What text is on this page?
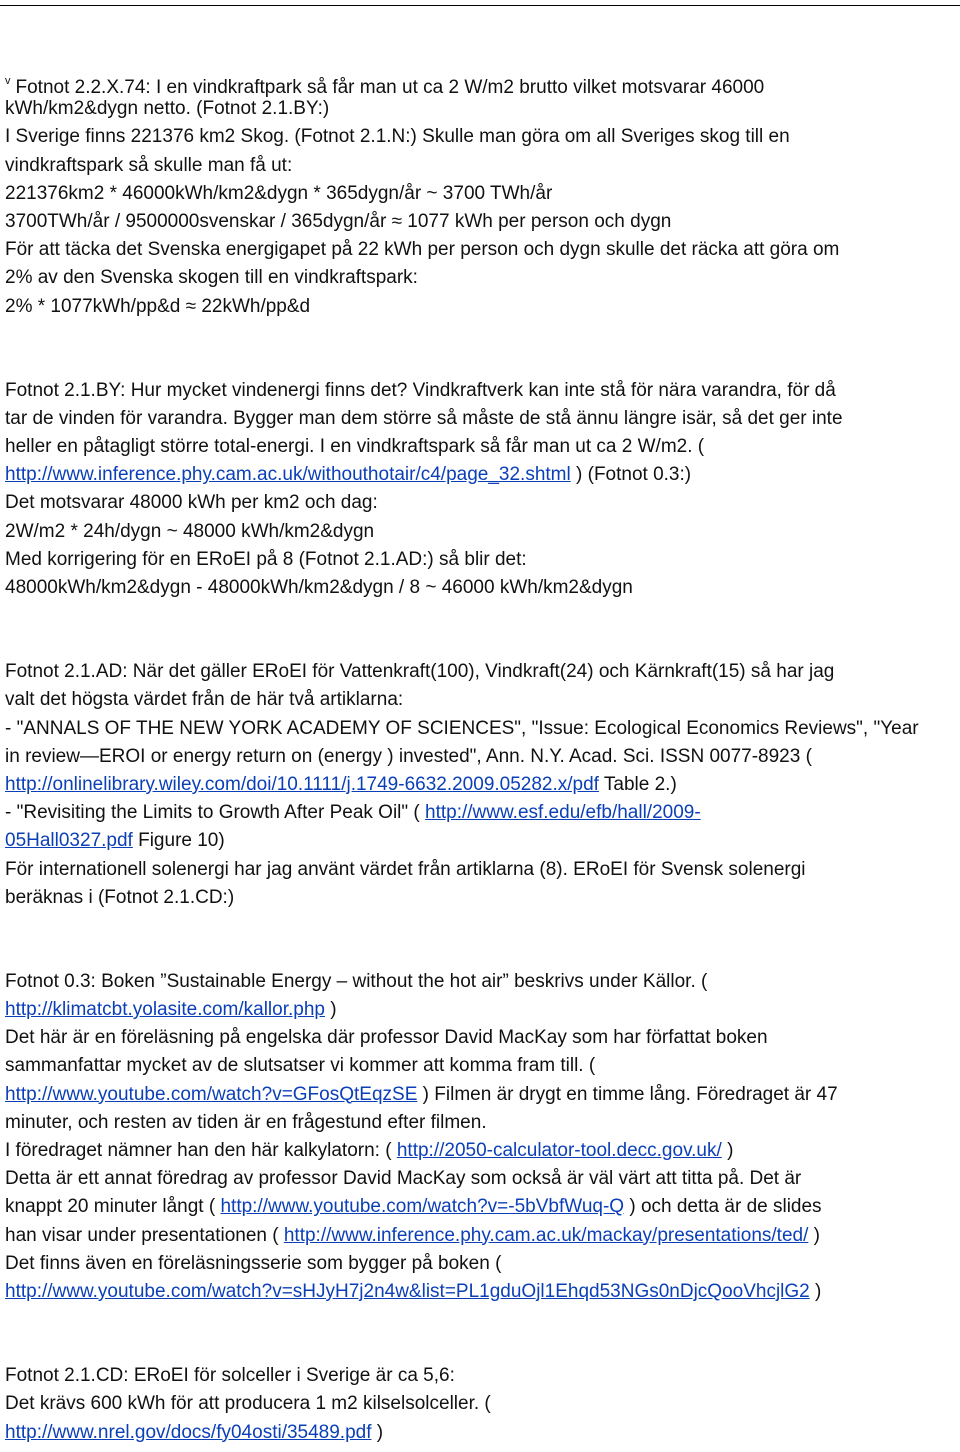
$^v$ Fotnot 2.2.X.74: I en vindkraftpark så får man ut ca 2 W/m2 brutto vilket motsvarar 46000
kWh/km2&dygn netto. (Fotnot 2.1.BY:)
I Sverige finns 221376 km2 Skog. (Fotnot 2.1.N:) Skulle man göra om all Sveriges skog till en
vindkraftspark så skulle man få ut:
221376km2 * 46000kWh/km2&dygn * 365dygn/år ~ 3700 TWh/år
3700TWh/år / 9500000svenskar / 365dygn/år ≈ 1077 kWh per person och dygn
För att täcka det Svenska energigapet på 22 kWh per person och dygn skulle det räcka att göra om
2% av den Svenska skogen till en vindkraftspark:
2% * 1077kWh/pp&d ≈ 22kWh/pp&d
Fotnot 2.1.BY: Hur mycket vindenergi finns det? Vindkraftverk kan inte stå för nära varandra, för då
tar de vinden för varandra. Bygger man dem större så måste de stå ännu längre isär, så det ger inte
heller en påtagligt större total-energi. I en vindkraftspark så får man ut ca 2 W/m2. (
http://www.inference.phy.cam.ac.uk/withouthotair/c4/page_32.shtml ) (Fotnot 0.3:)
Det motsvarar 48000 kWh per km2 och dag:
2W/m2 * 24h/dygn ~ 48000 kWh/km2&dygn
Med korrigering för en ERoEI på 8 (Fotnot 2.1.AD:) så blir det:
48000kWh/km2&dygn - 48000kWh/km2&dygn / 8 ~ 46000 kWh/km2&dygn
Fotnot 2.1.AD: När det gäller ERoEI för Vattenkraft(100), Vindkraft(24) och Kärnkraft(15) så har jag
valt det högsta värdet från de här två artiklarna:
- "ANNALS OF THE NEW YORK ACADEMY OF SCIENCES", "Issue: Ecological Economics Reviews", "Year
in review—EROI or energy return on (energy ) invested", Ann. N.Y. Acad. Sci. ISSN 0077-8923 (
http://onlinelibrary.wiley.com/doi/10.1111/j.1749-6632.2009.05282.x/pdf Table 2.)
- "Revisiting the Limits to Growth After Peak Oil" ( http://www.esf.edu/efb/hall/2009-
05Hall0327.pdf Figure 10)
För internationell solenergi har jag använt värdet från artiklarna (8). ERoEI för Svensk solenergi
beräknas i (Fotnot 2.1.CD:)
Fotnot 0.3: Boken ”Sustainable Energy – without the hot air” beskrivs under Källor. (
http://klimatcbt.yolasite.com/kallor.php )
Det här är en föreläsning på engelska där professor David MacKay som har författat boken
sammanfattar mycket av de slutsatser vi kommer att komma fram till. (
http://www.youtube.com/watch?v=GFosQtEqzSE ) Filmen är drygt en timme lång. Föredraget är 47
minuter, och resten av tiden är en frågestund efter filmen.
I föredraget nämner han den här kalkylatorn: ( http://2050-calculator-tool.decc.gov.uk/ )
Detta är ett annat föredrag av professor David MacKay som också är väl värt att titta på. Det är
knappt 20 minuter långt ( http://www.youtube.com/watch?v=-5bVbfWuq-Q ) och detta är de slides
han visar under presentationen ( http://www.inference.phy.cam.ac.uk/mackay/presentations/ted/ )
Det finns även en föreläsningsserie som bygger på boken (
http://www.youtube.com/watch?v=sHJyH7j2n4w&list=PL1gduOjl1Ehqd53NGs0nDjcQooVhcjlG2 )
Fotnot 2.1.CD: ERoEI för solceller i Sverige är ca 5,6:
Det krävs 600 kWh för att producera 1 m2 kilselsolceller. (
http://www.nrel.gov/docs/fy04osti/35489.pdf )
